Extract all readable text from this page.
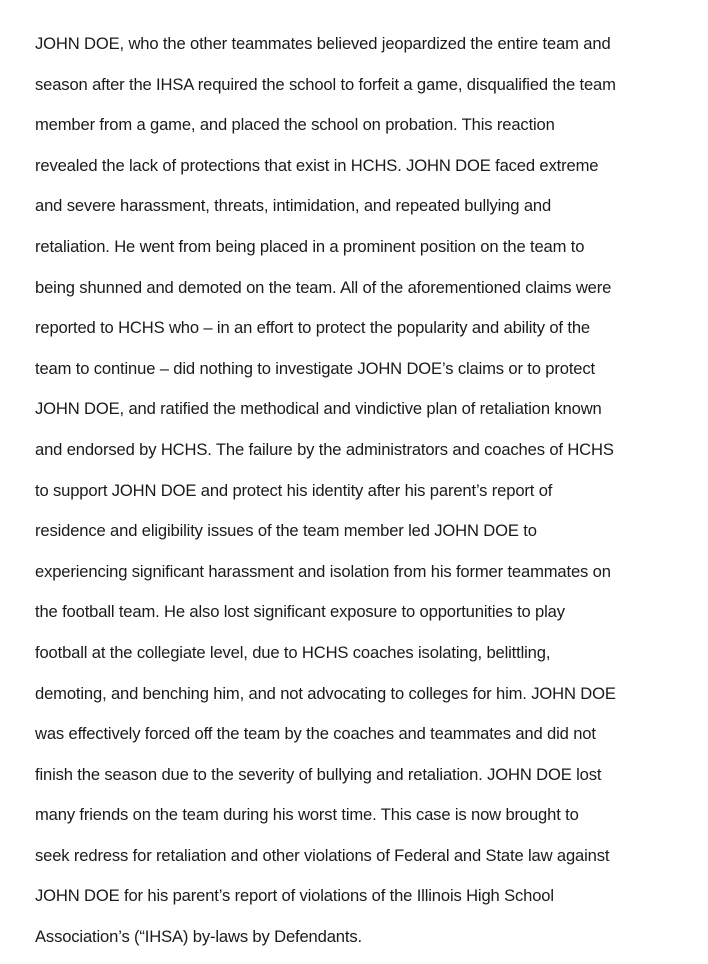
JOHN DOE, who the other teammates believed jeopardized the entire team and
season after the IHSA required the school to forfeit a game, disqualified the team
member from a game, and placed the school on probation. This reaction
revealed the lack of protections that exist in HCHS. JOHN DOE faced extreme
and severe harassment, threats, intimidation, and repeated bullying and
retaliation. He went from being placed in a prominent position on the team to
being shunned and demoted on the team. All of the aforementioned claims were
reported to HCHS who – in an effort to protect the popularity and ability of the
team to continue – did nothing to investigate JOHN DOE’s claims or to protect
JOHN DOE, and ratified the methodical and vindictive plan of retaliation known
and endorsed by HCHS. The failure by the administrators and coaches of HCHS
to support JOHN DOE and protect his identity after his parent’s report of
residence and eligibility issues of the team member led JOHN DOE to
experiencing significant harassment and isolation from his former teammates on
the football team. He also lost significant exposure to opportunities to play
football at the collegiate level, due to HCHS coaches isolating, belittling,
demoting, and benching him, and not advocating to colleges for him. JOHN DOE
was effectively forced off the team by the coaches and teammates and did not
finish the season due to the severity of bullying and retaliation. JOHN DOE lost
many friends on the team during his worst time. This case is now brought to
seek redress for retaliation and other violations of Federal and State law against
JOHN DOE for his parent’s report of violations of the Illinois High School
Association’s (“IHSA) by-laws by Defendants.
